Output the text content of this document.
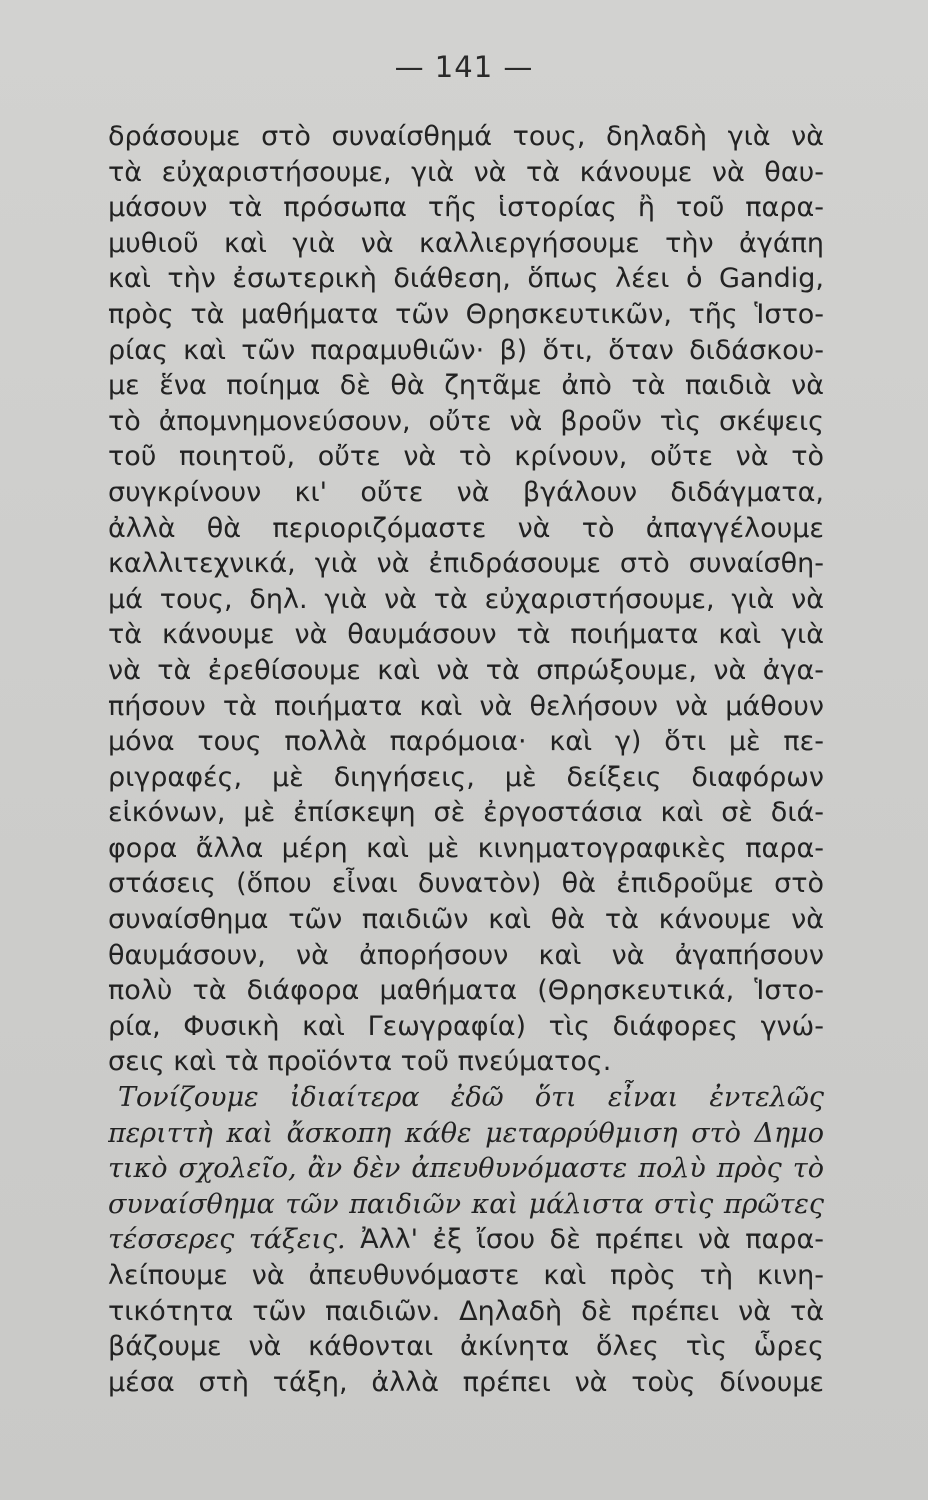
— 141 —
δράσουμε στὸ συναίσθημά τους, δηλαδὴ γιὰ νὰ
τὰ εὐχαριστήσουμε, γιὰ νὰ τὰ κάνουμε νὰ θαυ-
μάσουν τὰ πρόσωπα τῆς ἱστορίας ἢ τοῦ παρα-
μυθιοῦ καὶ γιὰ νὰ καλλιεργήσουμε τὴν ἀγάπη
καὶ τὴν ἐσωτερικὴ διάθεση, ὅπως λέει ὁ Gandig,
πρὸς τὰ μαθήματα τῶν Θρησκευτικῶν, τῆς Ἱστο-
ρίας καὶ τῶν παραμυθιῶν· β) ὅτι, ὅταν διδάσκου-
με ἕνα ποίημα δὲ θὰ ζητᾶμε ἀπὸ τὰ παιδιὰ νὰ
τὸ ἀπομνημονεύσουν, οὔτε νὰ βροῦν τὶς σκέψεις
τοῦ ποιητοῦ, οὔτε νὰ τὸ κρίνουν, οὔτε νὰ τὸ
συγκρίνουν κι' οὔτε νὰ βγάλουν διδάγματα,
ἀλλὰ θὰ περιοριζόμαστε νὰ τὸ ἀπαγγέλουμε
καλλιτεχνικά, γιὰ νὰ ἐπιδράσουμε στὸ συναίσθη-
μά τους, δηλ. γιὰ νὰ τὰ εὐχαριστήσουμε, γιὰ νὰ
τὰ κάνουμε νὰ θαυμάσουν τὰ ποιήματα καὶ γιὰ
νὰ τὰ ἐρεθίσουμε καὶ νὰ τὰ σπρώξουμε, νὰ ἀγα-
πήσουν τὰ ποιήματα καὶ νὰ θελήσουν νὰ μάθουν
μόνα τους πολλὰ παρόμοια· καὶ γ) ὅτι μὲ πε-
ριγραφές, μὲ διηγήσεις, μὲ δείξεις διαφόρων
εἰκόνων, μὲ ἐπίσκεψη σὲ ἐργοστάσια καὶ σὲ διά-
φορα ἄλλα μέρη καὶ μὲ κινηματογραφικὲς παρα-
στάσεις (ὅπου εἶναι δυνατὸν) θὰ ἐπιδροῦμε στὸ
συναίσθημα τῶν παιδιῶν καὶ θὰ τὰ κάνουμε νὰ
θαυμάσουν, νὰ ἀπορήσουν καὶ νὰ ἀγαπήσουν
πολὺ τὰ διάφορα μαθήματα (Θρησκευτικά, Ἱστο-
ρία, Φυσικὴ καὶ Γεωγραφία) τὶς διάφορες γνώ-
σεις καὶ τὰ προϊόντα τοῦ πνεύματος.
Τονίζουμε ἰδιαίτερα ἐδῶ ὅτι εἶναι ἐντελῶς
περιττὴ καὶ ἄσκοπη κάθε μεταρρύθμιση στὸ Δημο
τικὸ σχολεῖο, ἂν δὲν ἀπευθυνόμαστε πολὺ πρὸς τὸ
συναίσθημα τῶν παιδιῶν καὶ μάλιστα στὶς πρῶτες
τέσσερες τάξεις. Ἀλλ' ἐξ ἴσου δὲ πρέπει νὰ παρα-
λείπουμε νὰ ἀπευθυνόμαστε καὶ πρὸς τὴ κινη-
τικότητα τῶν παιδιῶν. Δηλαδὴ δὲ πρέπει νὰ τὰ
βάζουμε νὰ κάθονται ἀκίνητα ὅλες τὶς ὧρες
μέσα στὴ τάξη, ἀλλὰ πρέπει νὰ τοὺς δίνουμε
